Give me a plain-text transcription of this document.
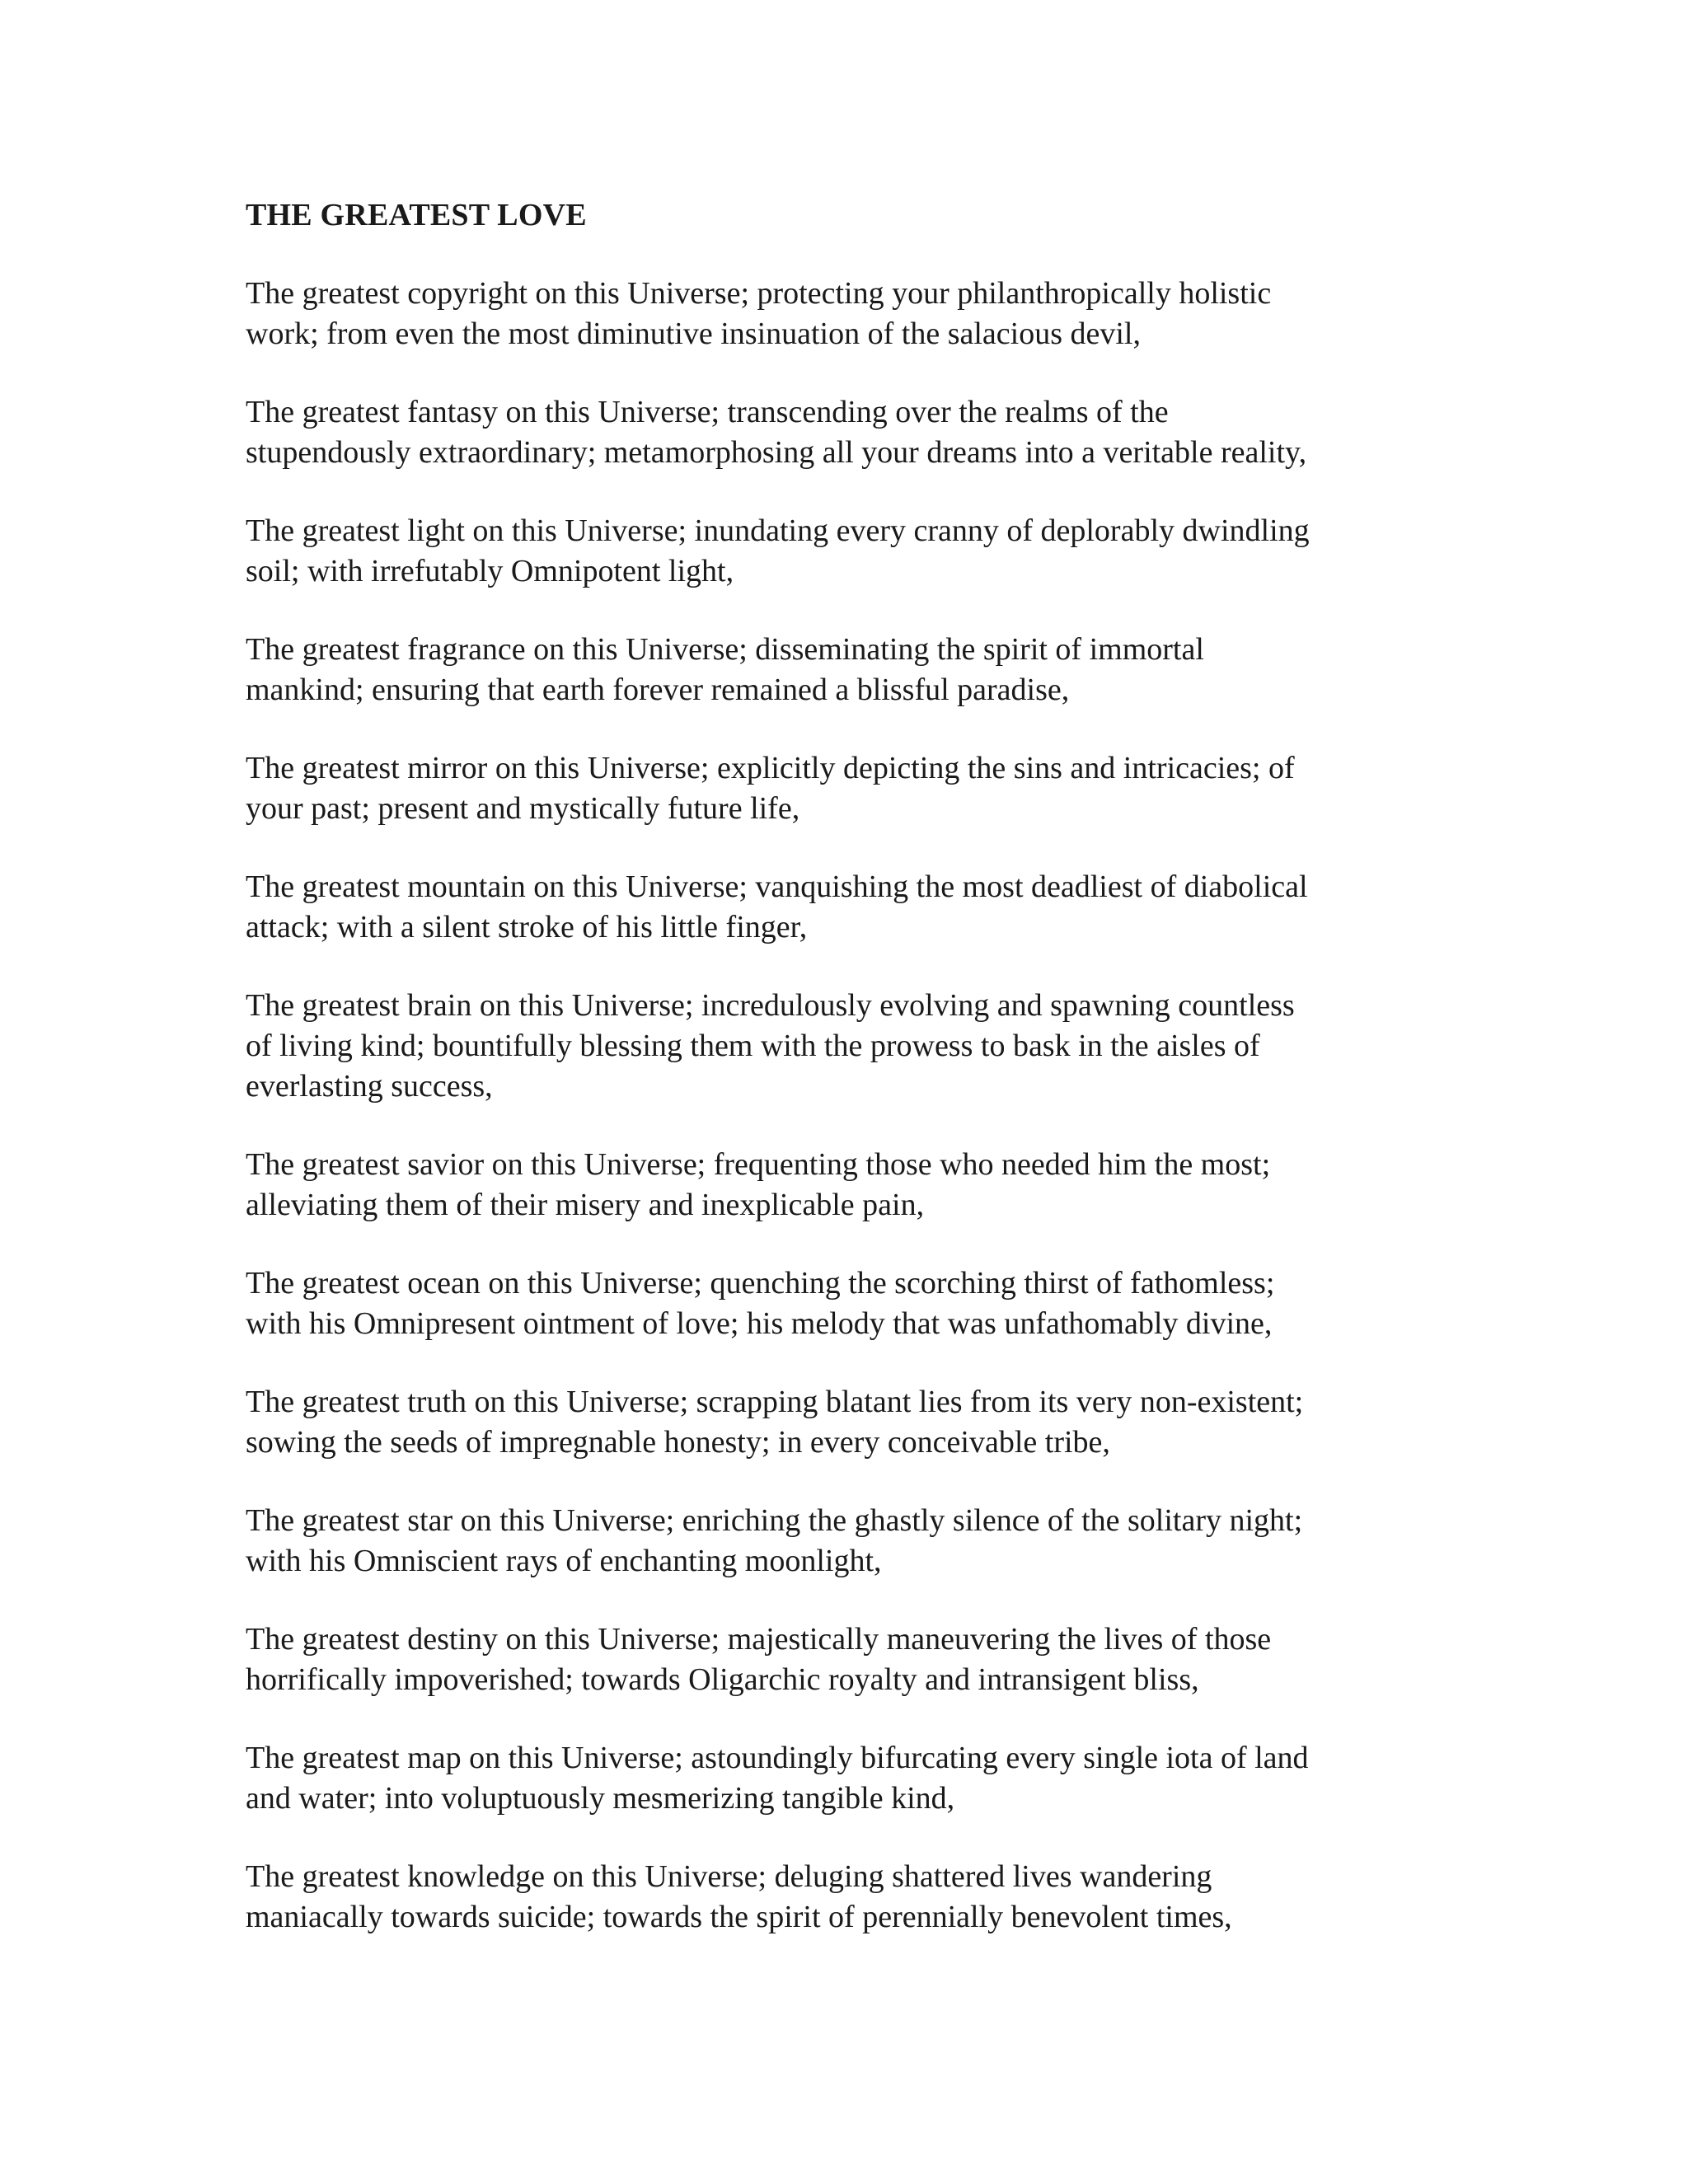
THE GREATEST LOVE
The greatest copyright on this Universe; protecting your philanthropically holistic
work; from even the most diminutive insinuation of the salacious devil,
The greatest fantasy on this Universe; transcending over the realms of the
stupendously extraordinary; metamorphosing all your dreams into a veritable reality,
The greatest light on this Universe; inundating every cranny of deplorably dwindling
soil; with irrefutably Omnipotent light,
The greatest fragrance on this Universe; disseminating the spirit of immortal
mankind; ensuring that earth forever remained a blissful paradise,
The greatest mirror on this Universe; explicitly depicting the sins and intricacies; of
your past; present and mystically future life,
The greatest mountain on this Universe; vanquishing the most deadliest of diabolical
attack; with a silent stroke of his little finger,
The greatest brain on this Universe; incredulously evolving and spawning countless
of living kind; bountifully blessing them with the prowess to bask in the aisles of
everlasting success,
The greatest savior on this Universe; frequenting those who needed him the most;
alleviating them of their misery and inexplicable pain,
The greatest ocean on this Universe; quenching the scorching thirst of fathomless;
with his Omnipresent ointment of love; his melody that was unfathomably divine,
The greatest truth on this Universe; scrapping blatant lies from its very non-existent;
sowing the seeds of impregnable honesty; in every conceivable tribe,
The greatest star on this Universe; enriching the ghastly silence of the solitary night;
with his Omniscient rays of enchanting moonlight,
The greatest destiny on this Universe; majestically maneuvering the lives of those
horrifically impoverished; towards Oligarchic royalty and intransigent bliss,
The greatest map on this Universe; astoundingly bifurcating every single iota of land
and water; into voluptuously mesmerizing tangible kind,
The greatest knowledge on this Universe; deluging shattered lives wandering
maniacally towards suicide; towards the spirit of perennially benevolent times,
